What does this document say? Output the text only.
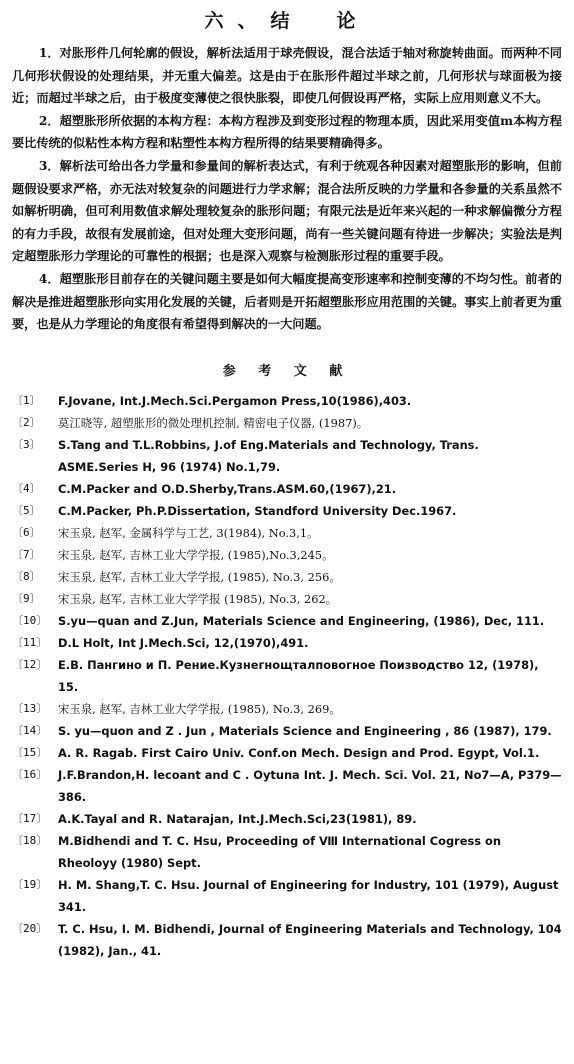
六、结　论

1．对胀形件几何轮廓的假设，解析法适用于球壳假设，混合法适于轴对称旋转曲面。而两种不同几何形状假设的处理结果，并无重大偏差。这是由于在胀形件超过半球之前，几何形状与球面极为接近；而超过半球之后，由于极度变薄使之很快胀裂，即使几何假设再严格，实际上应用则意义不大。

2．超塑胀形所依据的本构方程：本构方程涉及到变形过程的物理本质，因此采用变值m本构方程要比传统的似粘性本构方程和粘塑性本构方程所得的结果要精确得多。

3．解析法可给出各力学量和参量间的解析表达式，有利于统观各种因素对超塑胀形的影响，但前题假设要求严格，亦无法对较复杂的问题进行力学求解；混合法所反映的力学量和各参量的关系虽然不如解析明确，但可利用数值求解处理较复杂的胀形问题；有限元法是近年来兴起的一种求解偏微分方程的有力手段，故很有发展前途，但对处理大变形问题，尚有一些关键问题有待进一步解决；实验法是判定超塑胀形力学理论的可靠性的根据；也是深入观察与检测胀形过程的重要手段。

4．超塑胀形目前存在的关键问题主要是如何大幅度提高变形速率和控制变薄的不均匀性。前者的解决是推进超塑胀形向实用化发展的关键，后者则是开拓超塑胀形应用范围的关键。事实上前者更为重要，也是从力学理论的角度很有希望得到解决的一大问题。

参 考 文 献
〔1〕	F.Jovane, Int.J.Mech.Sci.Pergamon Press,10(1986),403.
〔2〕	莫江晓等, 超塑胀形的微处理机控制, 精密电子仪器, (1987)。
〔3〕	S.Tang and T.L.Robbins, J.of Eng.Materials and Technology, Trans. ASME.Series H, 96 (1974) No.1,79.
〔4〕	C.M.Packer and O.D.Sherby,Trans.ASM.60,(1967),21.
〔5〕	C.M.Packer, Ph.P.Dissertation, Standford University Dec.1967.
〔6〕	宋玉泉, 赵军, 金属科学与工艺, 3(1984), No.3,1。
〔7〕	宋玉泉, 赵军, 吉林工业大学学报, (1985),No.3,245。
〔8〕	宋玉泉, 赵军, 吉林工业大学学报, (1985), No.3, 256。
〔9〕	宋玉泉, 赵军, 吉林工业大学学报 (1985), No.3, 262。
〔10〕 S.yu—quan and Z.Jun, Materials Science and Engineering, (1986), Dec, 111.
〔11〕 D.L Holt, Int J.Mech.Sci, 12,(1970),491.
〔12〕 E.B. Пангино и П. Рение.Кузнегнощталповогное Поизводство 12, (1978), 15.
〔13〕 宋玉泉, 赵军, 吉林工业大学学报, (1985), No.3, 269。
〔14〕 S. yu—quon and Z . Jun , Materials Science and Engineering , 86 (1987), 179.
〔15〕 A. R. Ragab. First Cairo Univ. Conf.on Mech. Design and Prod. Egypt, Vol.1.
〔16〕 J.F.Brandon,H. lecoant and C . Oytuna Int. J. Mech. Sci. Vol. 21, No7—A, P379—386.
〔17〕 A.K.Tayal and R. Natarajan, Int.J.Mech.Sci,23(1981), 89.
〔18〕 M.Bidhendi and T. C. Hsu, Proceeding of Ⅷ International Cogress on Rheoloyy (1980) Sept.
〔19〕 H. M. Shang,T. C. Hsu. Journal of Engineering for Industry, 101 (1979), August 341.
〔20〕 T. C. Hsu, I. M. Bidhendi, Journal of Engineering Materials and Technology, 104 (1982), Jan., 41.
